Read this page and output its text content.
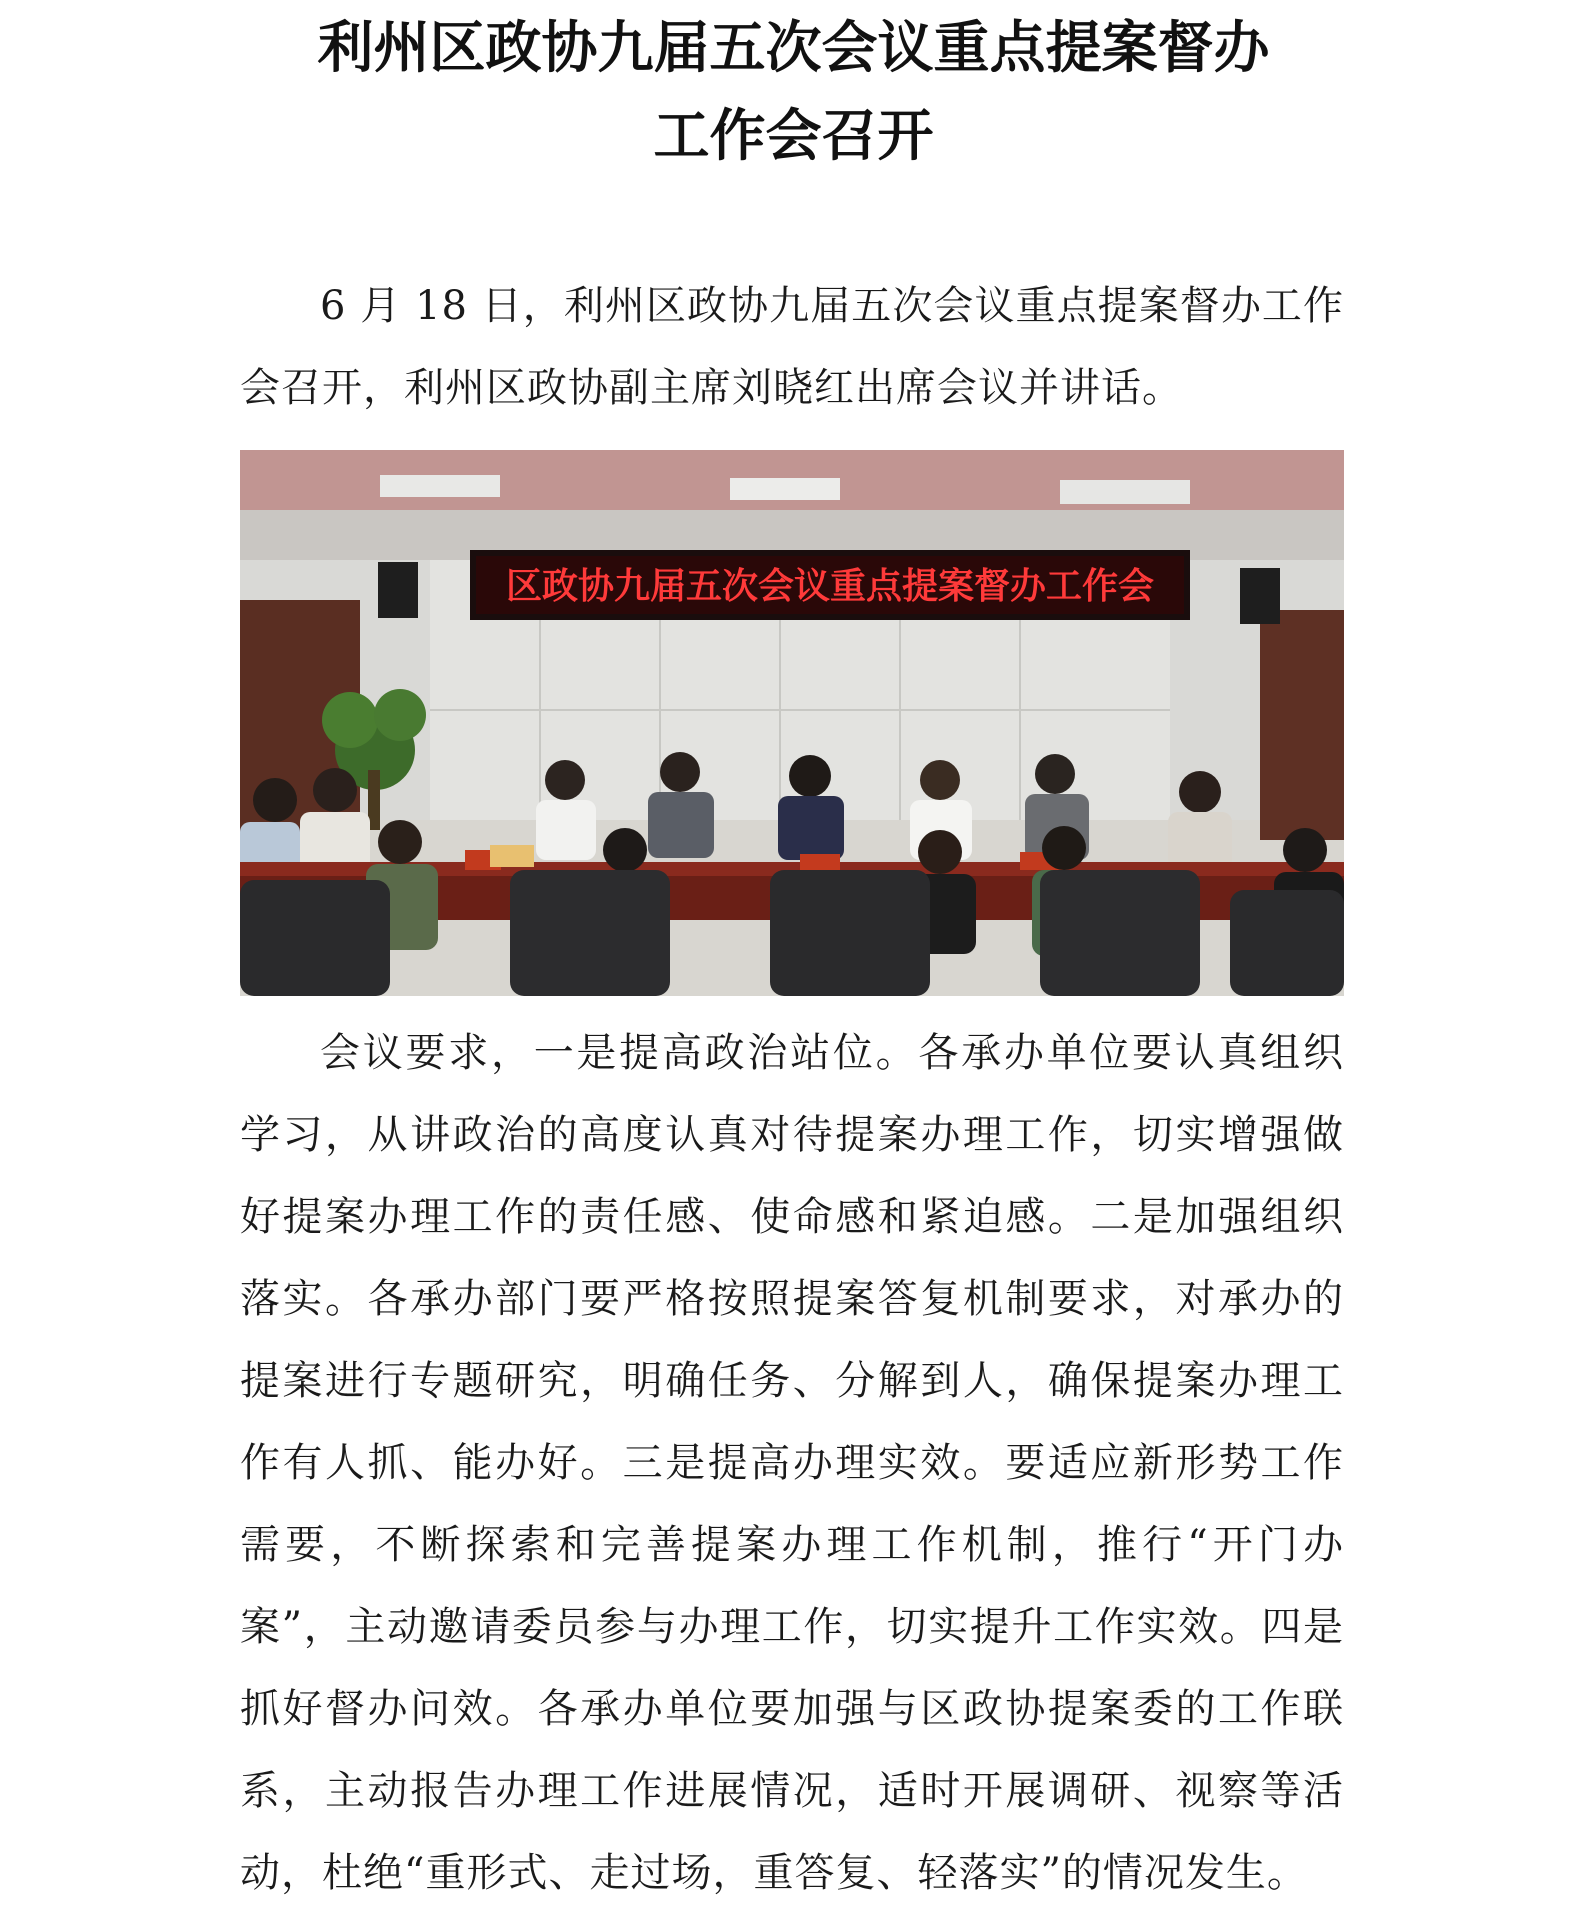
利州区政协九届五次会议重点提案督办
工作会召开

6 月 18 日，利州区政协九届五次会议重点提案督办工作会召开，利州区政协副主席刘晓红出席会议并讲话。

区政协九届五次会议重点提案督办工作会

会议要求，一是提高政治站位。各承办单位要认真组织学习，从讲政治的高度认真对待提案办理工作，切实增强做好提案办理工作的责任感、使命感和紧迫感。二是加强组织落实。各承办部门要严格按照提案答复机制要求，对承办的提案进行专题研究，明确任务、分解到人，确保提案办理工作有人抓、能办好。三是提高办理实效。要适应新形势工作需要，不断探索和完善提案办理工作机制，推行“开门办案”，主动邀请委员参与办理工作，切实提升工作实效。四是抓好督办问效。各承办单位要加强与区政协提案委的工作联系，主动报告办理工作进展情况，适时开展调研、视察等活动，杜绝“重形式、走过场，重答复、轻落实”的情况发生。
